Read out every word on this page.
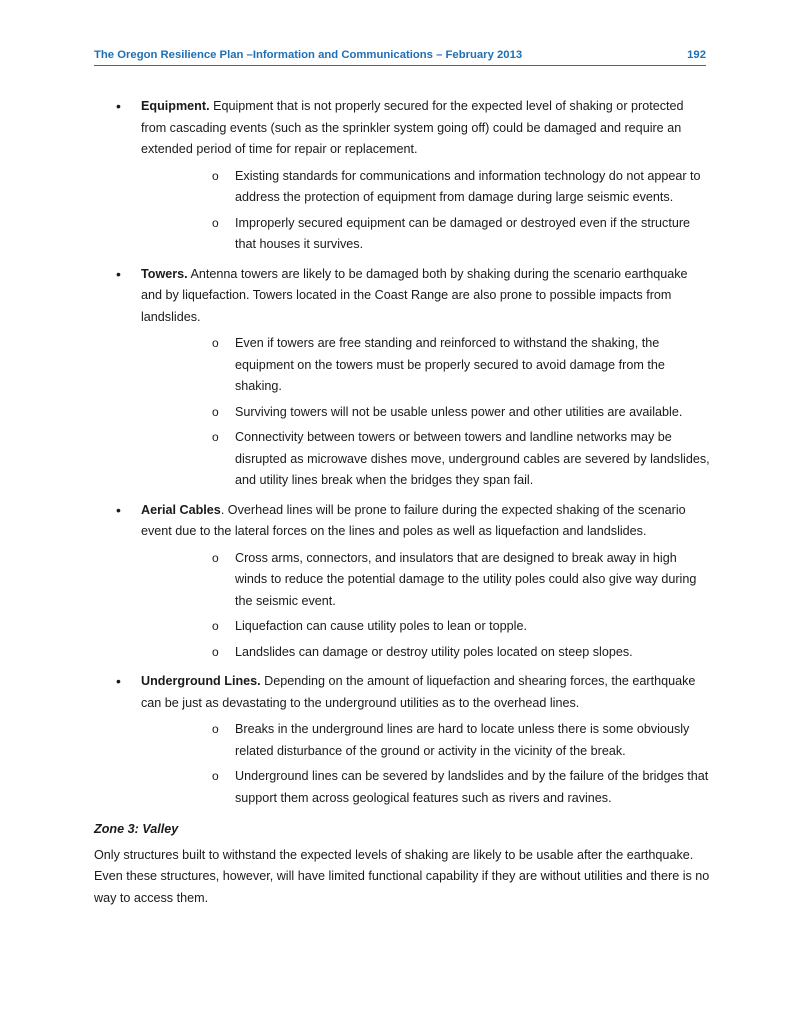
The Oregon Resilience Plan –Information and Communications – February 2013	192
• Equipment. Equipment that is not properly secured for the expected level of shaking or protected from cascading events (such as the sprinkler system going off) could be damaged and require an extended period of time for repair or replacement.
o Existing standards for communications and information technology do not appear to address the protection of equipment from damage during large seismic events.
o Improperly secured equipment can be damaged or destroyed even if the structure that houses it survives.
• Towers. Antenna towers are likely to be damaged both by shaking during the scenario earthquake and by liquefaction. Towers located in the Coast Range are also prone to possible impacts from landslides.
o Even if towers are free standing and reinforced to withstand the shaking, the equipment on the towers must be properly secured to avoid damage from the shaking.
o Surviving towers will not be usable unless power and other utilities are available.
o Connectivity between towers or between towers and landline networks may be disrupted as microwave dishes move, underground cables are severed by landslides, and utility lines break when the bridges they span fail.
• Aerial Cables. Overhead lines will be prone to failure during the expected shaking of the scenario event due to the lateral forces on the lines and poles as well as liquefaction and landslides.
o Cross arms, connectors, and insulators that are designed to break away in high winds to reduce the potential damage to the utility poles could also give way during the seismic event.
o Liquefaction can cause utility poles to lean or topple.
o Landslides can damage or destroy utility poles located on steep slopes.
• Underground Lines. Depending on the amount of liquefaction and shearing forces, the earthquake can be just as devastating to the underground utilities as to the overhead lines.
o Breaks in the underground lines are hard to locate unless there is some obviously related disturbance of the ground or activity in the vicinity of the break.
o Underground lines can be severed by landslides and by the failure of the bridges that support them across geological features such as rivers and ravines.
Zone 3: Valley
Only structures built to withstand the expected levels of shaking are likely to be usable after the earthquake. Even these structures, however, will have limited functional capability if they are without utilities and there is no way to access them.
